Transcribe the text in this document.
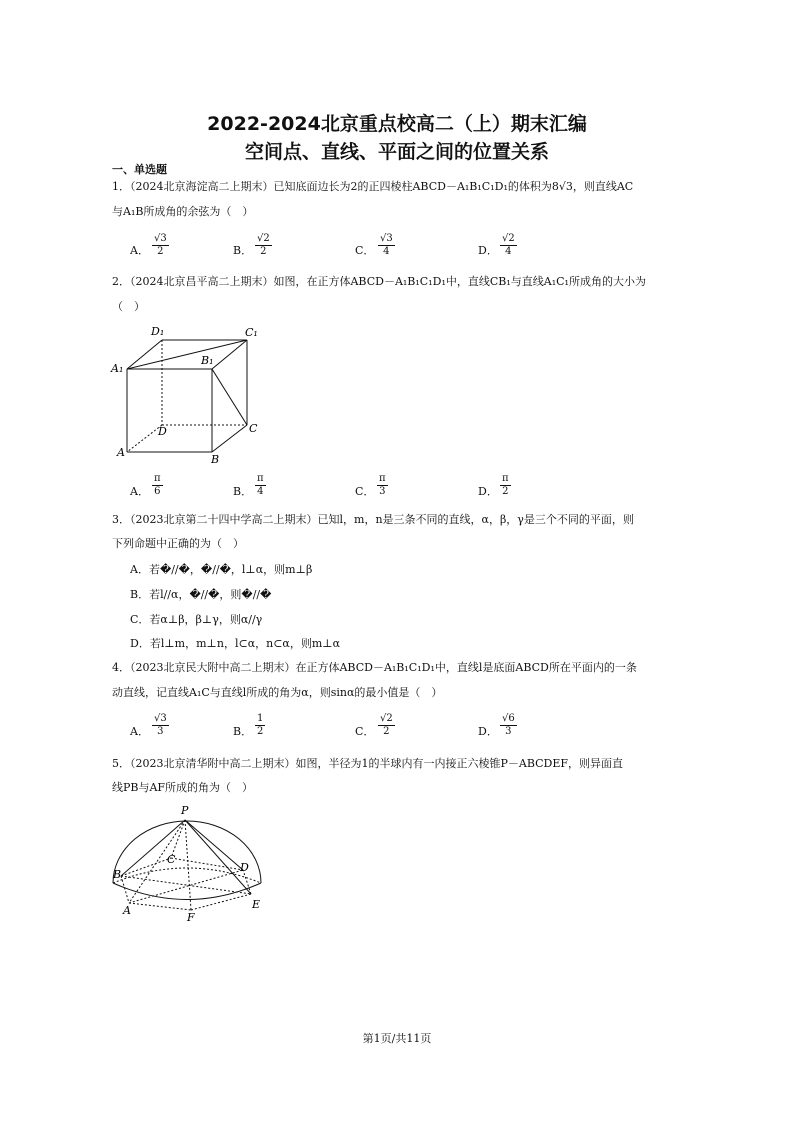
2022-2024北京重点校高二（上）期末汇编
空间点、直线、平面之间的位置关系
一、单选题
1．（2024北京海淀高二上期末）已知底面边长为2的正四棱柱ABCD－A₁B₁C₁D₁的体积为8√3，则直线AC
与A₁B所成角的余弦为（　）
A． $\frac{√3}{2}$	B． $\frac{√2}{2}$	C． $\frac{√3}{4}$	D． $\frac{√2}{4}$
2．（2024北京昌平高二上期末）如图，在正方体ABCD－A₁B₁C₁D₁中，直线CB₁与直线A₁C₁所成角的大小为
（　）
D₁	C₁
B₁
A₁
D	C
A
B
A． $\frac{\pi}{6}$	B． $\frac{\pi}{4}$	C． $\frac{\pi}{3}$	D． $\frac{\pi}{2}$
3．（2023北京第二十四中学高二上期末）已知l，m，n是三条不同的直线，α，β，γ是三个不同的平面，则
下列命题中正确的为（　）
A．若�//�，�//�，l⊥α，则m⊥β
B．若l//α，�//�，则�//�
C．若α⊥β，β⊥γ，则α//γ
D．若l⊥m，m⊥n，l⊂α，n⊂α，则m⊥α
4．（2023北京民大附中高二上期末）在正方体ABCD－A₁B₁C₁D₁中，直线l是底面ABCD所在平面内的一条
动直线，记直线A₁C与直线l所成的角为α，则sinα的最小值是（　）
A． $\frac{√3}{3}$	B． $\frac{1}{2}$	C． $\frac{√2}{2}$	D． $\frac{√6}{3}$
5．（2023北京清华附中高二上期末）如图，半径为1的半球内有一内接正六棱锥P－ABCDEF，则异面直
线PB与AF所成的角为（　）
P
C
D
B
E
A
F
第1页/共11页
